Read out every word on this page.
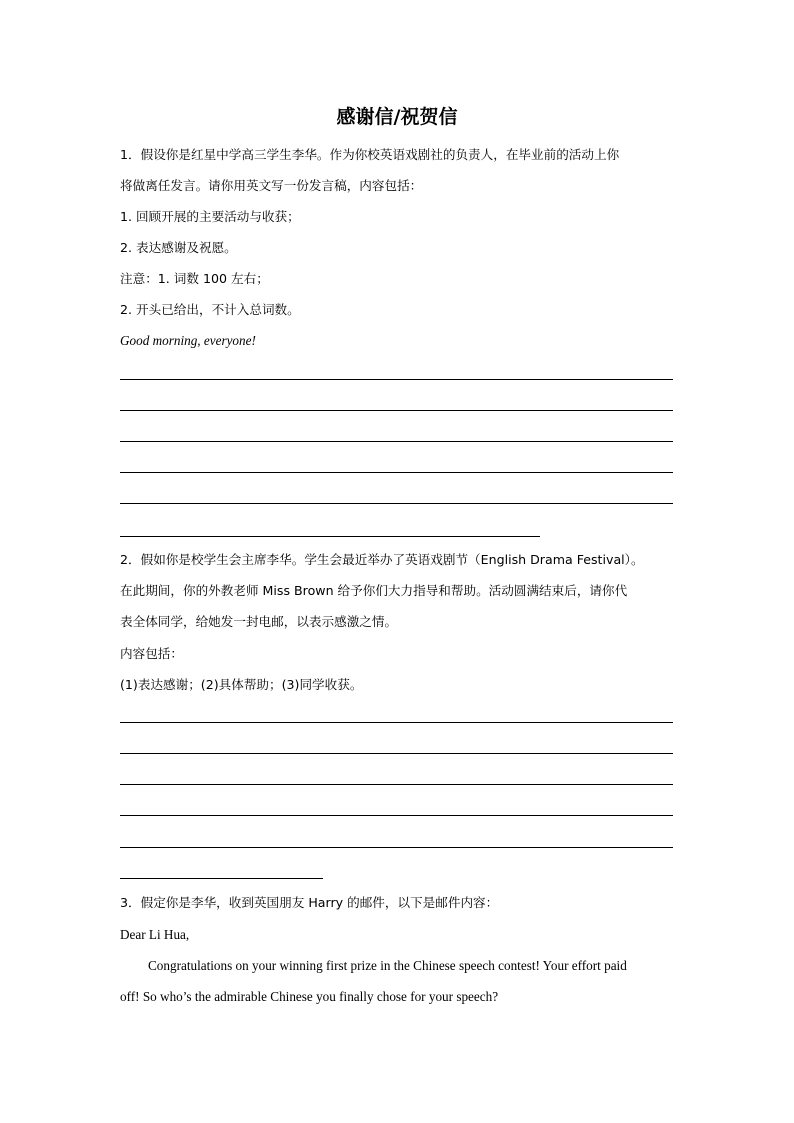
感谢信/祝贺信
1．假设你是红星中学高三学生李华。作为你校英语戏剧社的负责人，在毕业前的活动上你
将做离任发言。请你用英文写一份发言稿，内容包括：
1. 回顾开展的主要活动与收获；
2. 表达感谢及祝愿。
注意：1. 词数 100 左右；
2. 开头已给出，不计入总词数。
Good morning, everyone!
2．假如你是校学生会主席李华。学生会最近举办了英语戏剧节（English Drama Festival）。
在此期间，你的外教老师 Miss Brown 给予你们大力指导和帮助。活动圆满结束后，请你代
表全体同学，给她发一封电邮，以表示感激之情。
内容包括：
(1)表达感谢；(2)具体帮助；(3)同学收获。
3．假定你是李华，收到英国朋友 Harry 的邮件，以下是邮件内容：
Dear Li Hua,
Congratulations on your winning first prize in the Chinese speech contest! Your effort paid
off! So who’s the admirable Chinese you finally chose for your speech?
